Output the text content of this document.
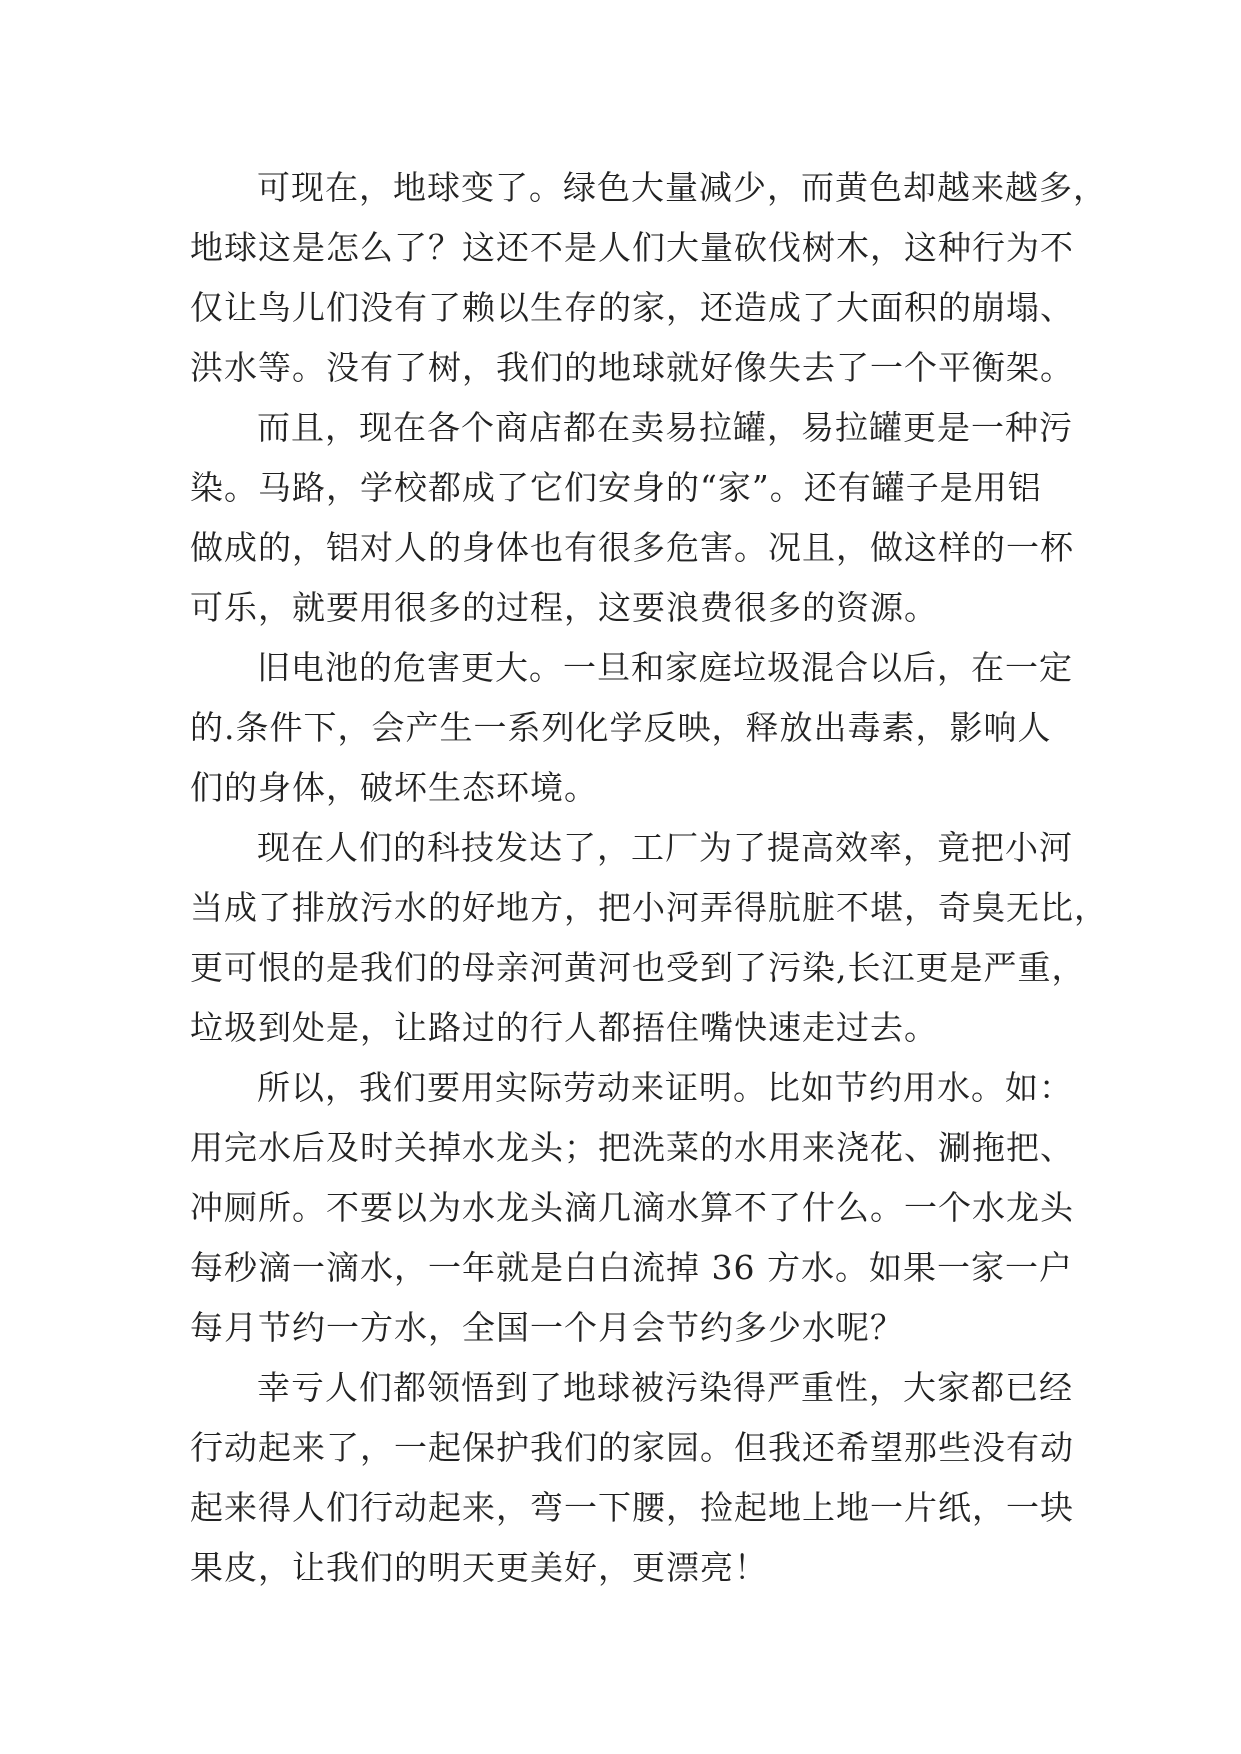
可现在，地球变了。绿色大量减少，而黄色却越来越多，
地球这是怎么了？这还不是人们大量砍伐树木，这种行为不
仅让鸟儿们没有了赖以生存的家，还造成了大面积的崩塌、
洪水等。没有了树，我们的地球就好像失去了一个平衡架。
而且，现在各个商店都在卖易拉罐，易拉罐更是一种污
染。马路，学校都成了它们安身的“家”。还有罐子是用铝
做成的，铝对人的身体也有很多危害。况且，做这样的一杯
可乐，就要用很多的过程，这要浪费很多的资源。
旧电池的危害更大。一旦和家庭垃圾混合以后，在一定
的.条件下，会产生一系列化学反映，释放出毒素，影响人
们的身体，破坏生态环境。
现在人们的科技发达了，工厂为了提高效率，竟把小河
当成了排放污水的好地方，把小河弄得肮脏不堪，奇臭无比，
更可恨的是我们的母亲河黄河也受到了污染,长江更是严重，
垃圾到处是，让路过的行人都捂住嘴快速走过去。
所以，我们要用实际劳动来证明。比如节约用水。如：
用完水后及时关掉水龙头；把洗菜的水用来浇花、涮拖把、
冲厕所。不要以为水龙头滴几滴水算不了什么。一个水龙头
每秒滴一滴水，一年就是白白流掉 36 方水。如果一家一户
每月节约一方水，全国一个月会节约多少水呢？
幸亏人们都领悟到了地球被污染得严重性，大家都已经
行动起来了，一起保护我们的家园。但我还希望那些没有动
起来得人们行动起来，弯一下腰，捡起地上地一片纸，一块
果皮，让我们的明天更美好，更漂亮！
